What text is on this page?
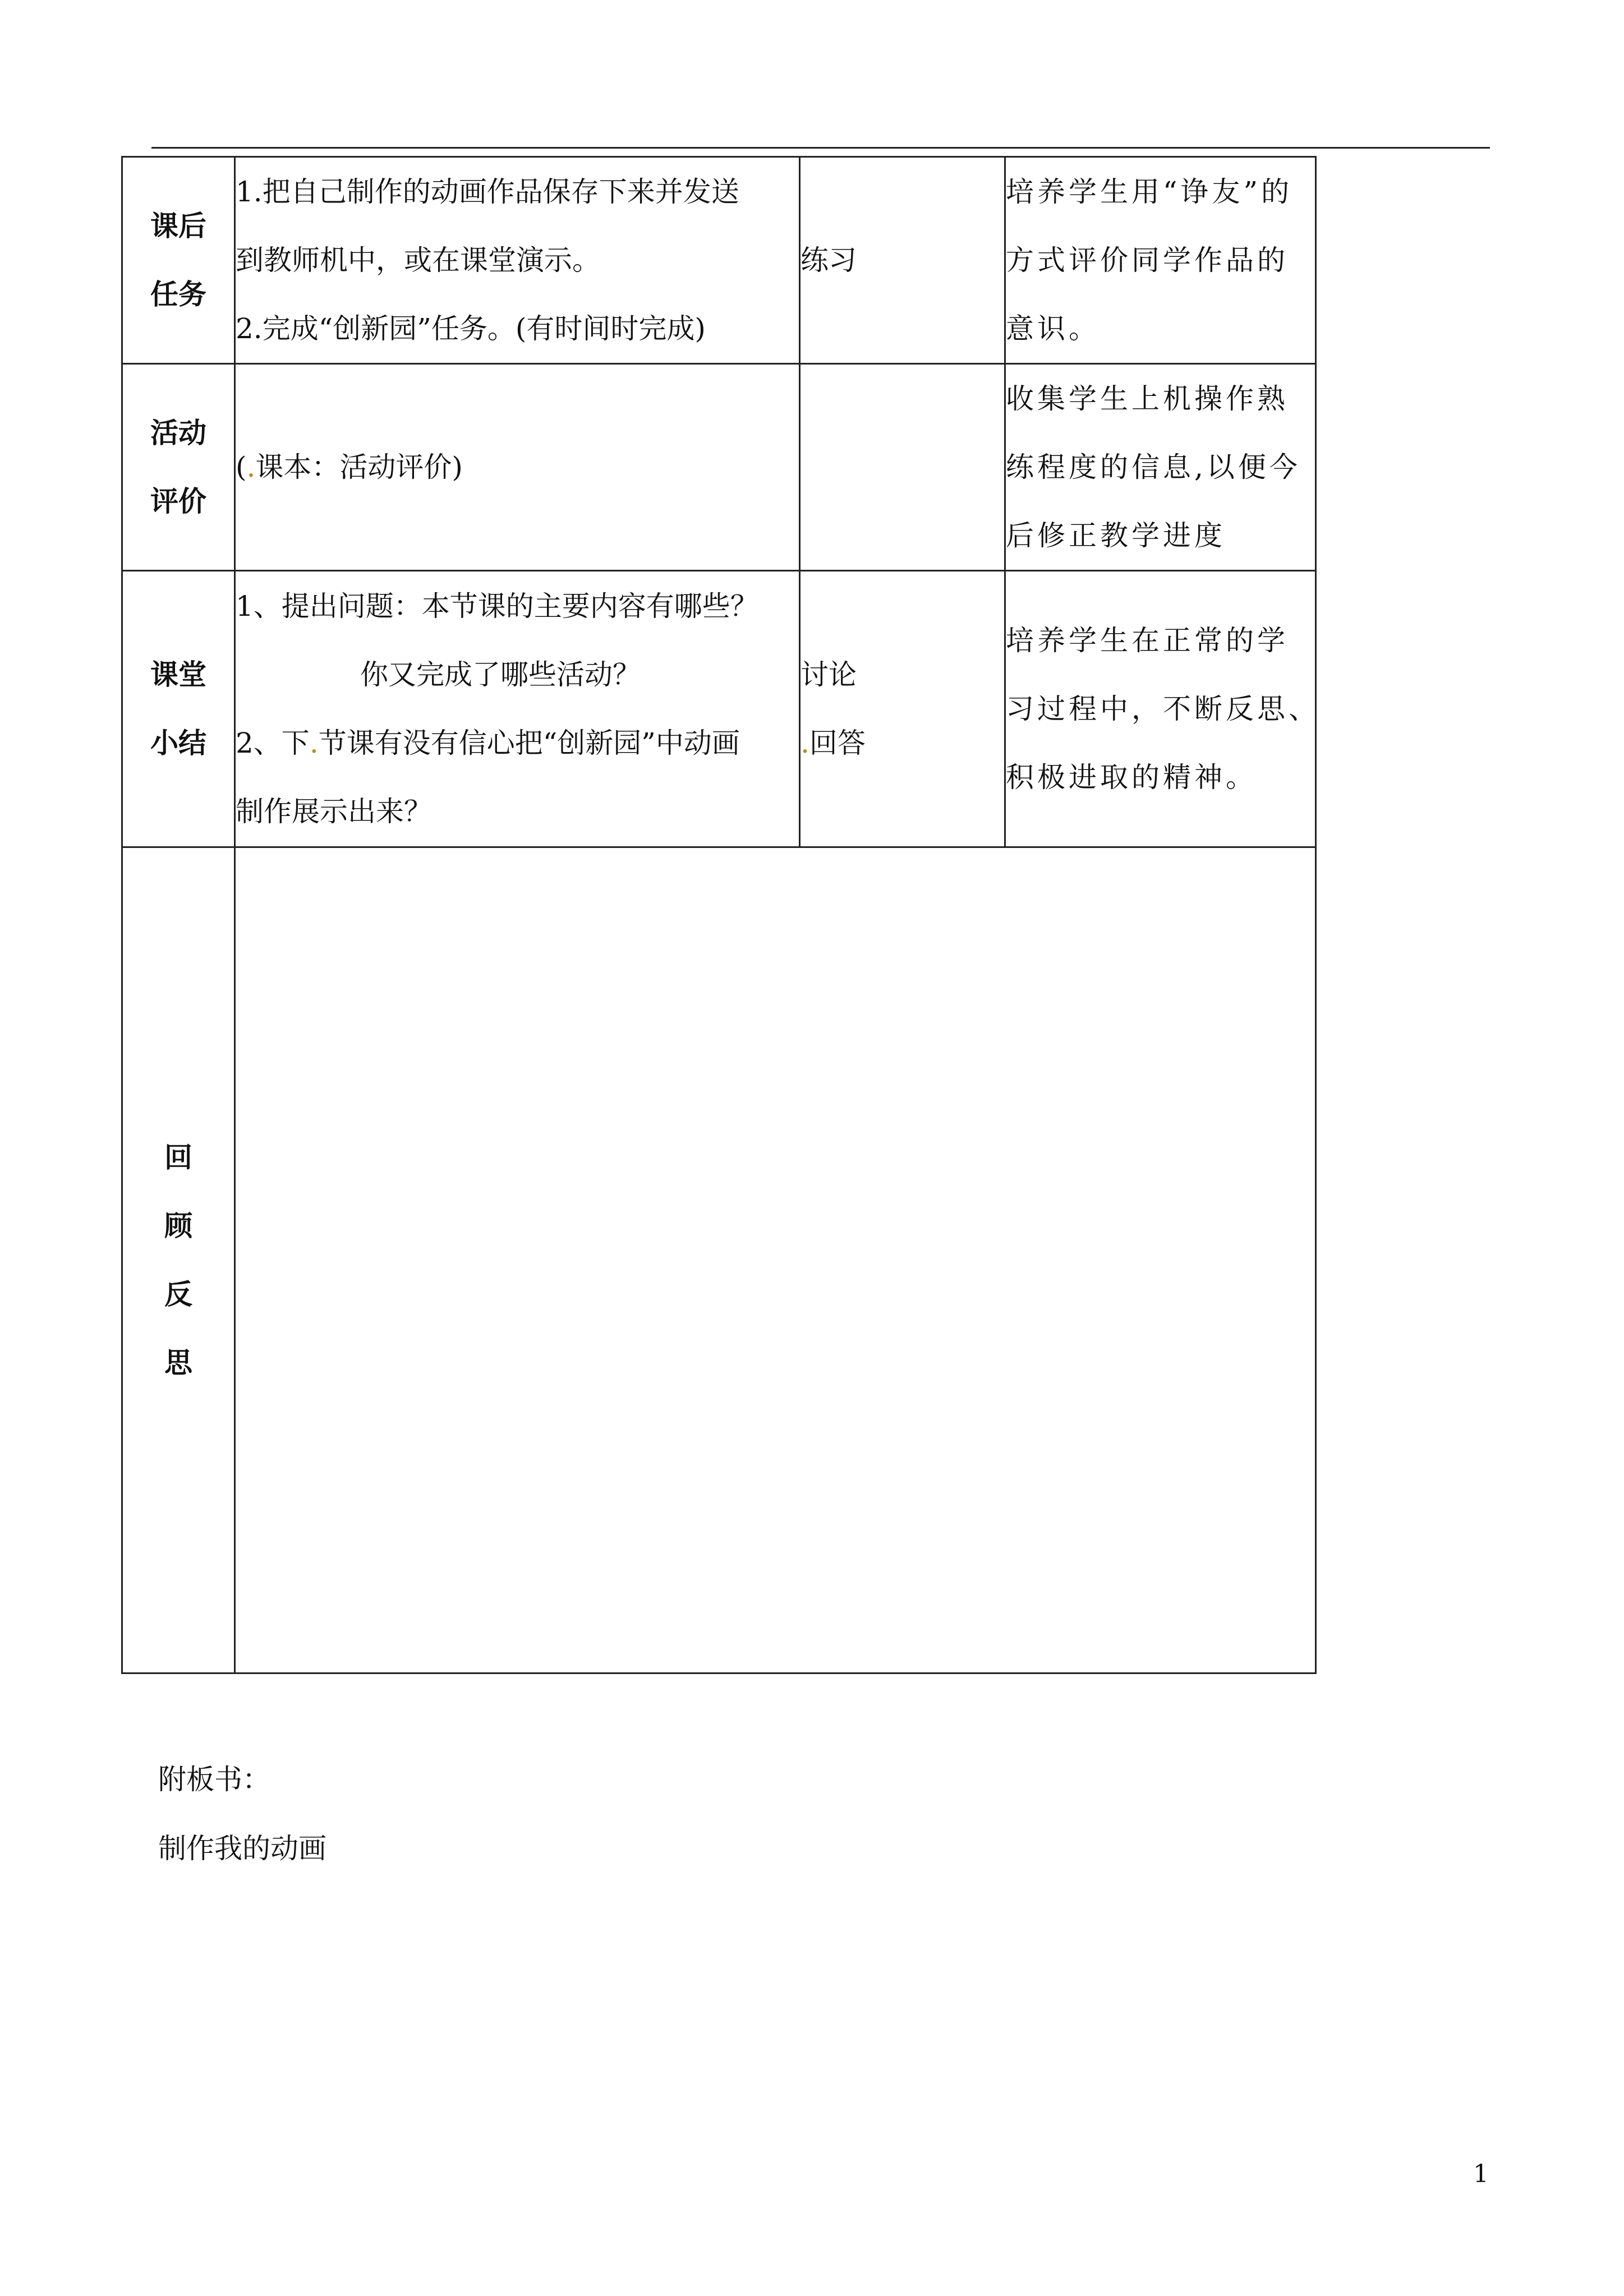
课后
任务	1.把自己制作的动画作品保存下来并发送
到教师机中，或在课堂演示。
2.完成“创新园”任务。(有时间时完成)	练习	培养学生用“诤友”的
方式评价同学作品的
意识。

活动
评价	(.课本：活动评价)		收集学生上机操作熟
练程度的信息,以便今
后修正教学进度

课堂
小结	1、提出问题：本节课的主要内容有哪些？
你又完成了哪些活动？
2、下.节课有没有信心把“创新园”中动画
制作展示出来？	讨论
.回答	培养学生在正常的学
习过程中，不断反思、
积极进取的精神。

回
顾
反
思			

附板书：
制作我的动画
1
